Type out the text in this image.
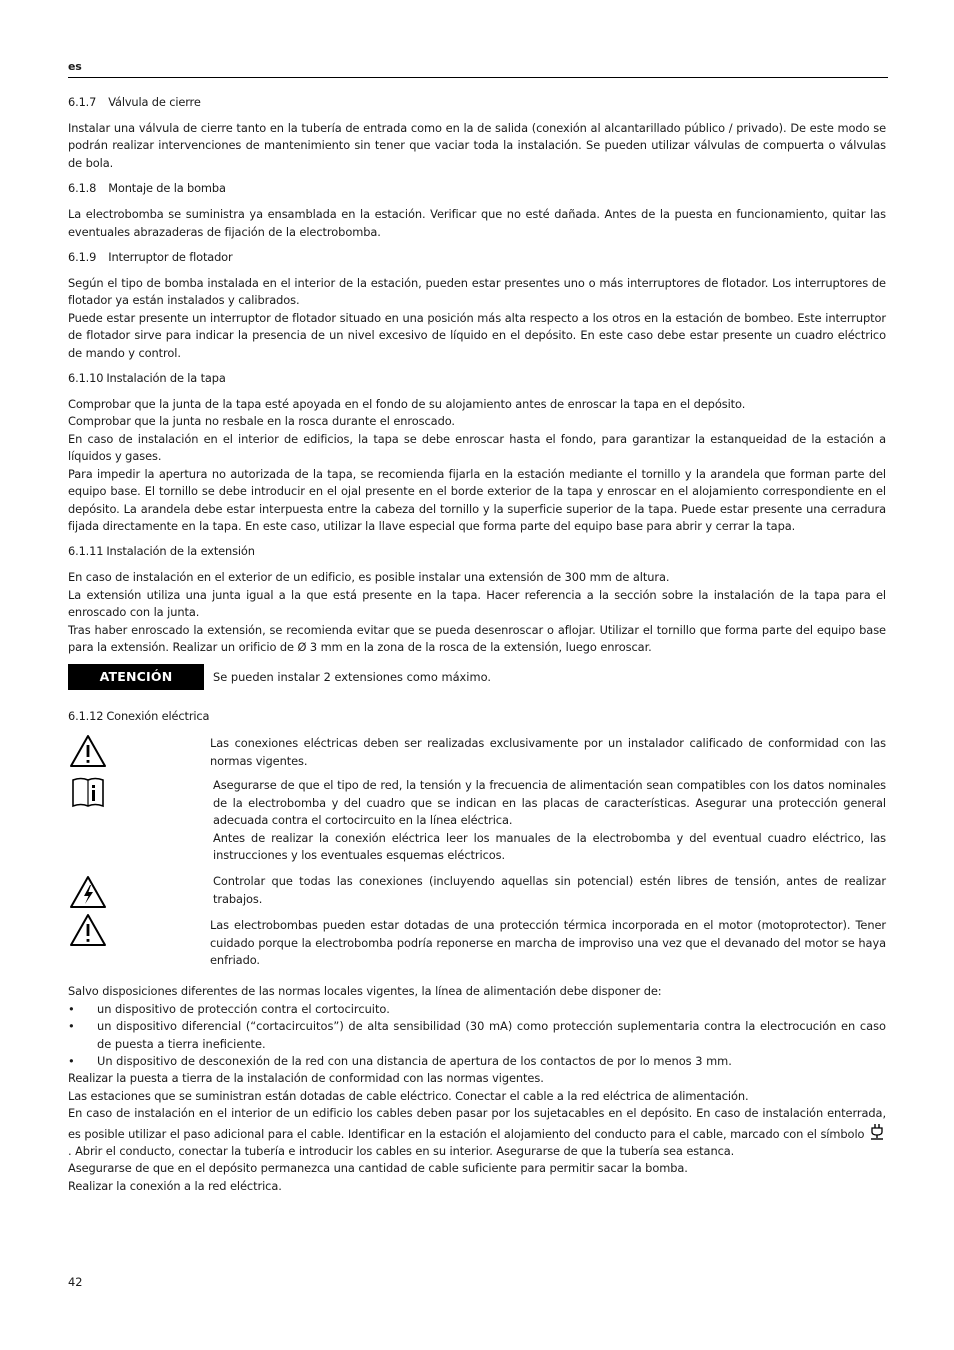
es
6.1.7 Válvula de cierre

Instalar una válvula de cierre tanto en la tubería de entrada como en la de salida (conexión al alcantarillado público / privado). De este modo se podrán realizar intervenciones de mantenimiento sin tener que vaciar toda la instalación. Se pueden utilizar válvulas de compuerta o válvulas de bola.

6.1.8 Montaje de la bomba

La electrobomba se suministra ya ensamblada en la estación. Verificar que no esté dañada. Antes de la puesta en funcionamiento, quitar las eventuales abrazaderas de fijación de la electrobomba.

6.1.9 Interruptor de flotador

Según el tipo de bomba instalada en el interior de la estación, pueden estar presentes uno o más interruptores de flotador. Los interruptores de flotador ya están instalados y calibrados.

Puede estar presente un interruptor de flotador situado en una posición más alta respecto a los otros en la estación de bombeo. Este interruptor de flotador sirve para indicar la presencia de un nivel excesivo de líquido en el depósito. En este caso debe estar presente un cuadro eléctrico de mando y control.

6.1.10 Instalación de la tapa

Comprobar que la junta de la tapa esté apoyada en el fondo de su alojamiento antes de enroscar la tapa en el depósito.

Comprobar que la junta no resbale en la rosca durante el enroscado.

En caso de instalación en el interior de edificios, la tapa se debe enroscar hasta el fondo, para garantizar la estanqueidad de la estación a líquidos y gases.

Para impedir la apertura no autorizada de la tapa, se recomienda fijarla en la estación mediante el tornillo y la arandela que forman parte del equipo base. El tornillo se debe introducir en el ojal presente en el borde exterior de la tapa y enroscar en el alojamiento correspondiente en el depósito. La arandela debe estar interpuesta entre la cabeza del tornillo y la superficie superior de la tapa. Puede estar presente una cerradura fijada directamente en la tapa. En este caso, utilizar la llave especial que forma parte del equipo base para abrir y cerrar la tapa.

6.1.11 Instalación de la extensión

En caso de instalación en el exterior de un edificio, es posible instalar una extensión de 300 mm de altura.

La extensión utiliza una junta igual a la que está presente en la tapa. Hacer referencia a la sección sobre la instalación de la tapa para el enroscado con la junta.

Tras haber enroscado la extensión, se recomienda evitar que se pueda desenroscar o aflojar. Utilizar el tornillo que forma parte del equipo base para la extensión. Realizar un orificio de Ø 3 mm en la zona de la rosca de la extensión, luego enroscar.

ATENCIÓN	Se pueden instalar 2 extensiones como máximo.
6.1.12 Conexión eléctrica

Las conexiones eléctricas deben ser realizadas exclusivamente por un instalador calificado de conformidad con las normas vigentes.

Asegurarse de que el tipo de red, la tensión y la frecuencia de alimentación sean compatibles con los datos nominales de la electrobomba y del cuadro que se indican en las placas de características. Asegurar una protección general adecuada contra el cortocircuito en la línea eléctrica.

Antes de realizar la conexión eléctrica leer los manuales de la electrobomba y del eventual cuadro eléctrico, las instrucciones y los eventuales esquemas eléctricos.

Controlar que todas las conexiones (incluyendo aquellas sin potencial) estén libres de tensión, antes de realizar trabajos.

Las electrobombas pueden estar dotadas de una protección térmica incorporada en el motor (motoprotector). Tener cuidado porque la electrobomba podría reponerse en marcha de improviso una vez que el devanado del motor se haya enfriado.

Salvo disposiciones diferentes de las normas locales vigentes, la línea de alimentación debe disponer de:

• un dispositivo de protección contra el cortocircuito.
• un dispositivo diferencial (“cortacircuitos”) de alta sensibilidad (30 mA) como protección suplementaria contra la electrocución en caso de puesta a tierra ineficiente.
• Un dispositivo de desconexión de la red con una distancia de apertura de los contactos de por lo menos 3 mm.

Realizar la puesta a tierra de la instalación de conformidad con las normas vigentes.

Las estaciones que se suministran están dotadas de cable eléctrico. Conectar el cable a la red eléctrica de alimentación.

En caso de instalación en el interior de un edificio los cables deben pasar por los sujetacables en el depósito. En caso de instalación enterrada, es posible utilizar el paso adicional para el cable. Identificar en la estación el alojamiento del conducto para el cable, marcado con el símbolo . Abrir el conducto, conectar la tubería e introducir los cables en su interior. Asegurarse de que la tubería sea estanca.

Asegurarse de que en el depósito permanezca una cantidad de cable suficiente para permitir sacar la bomba.

Realizar la conexión a la red eléctrica.

42
